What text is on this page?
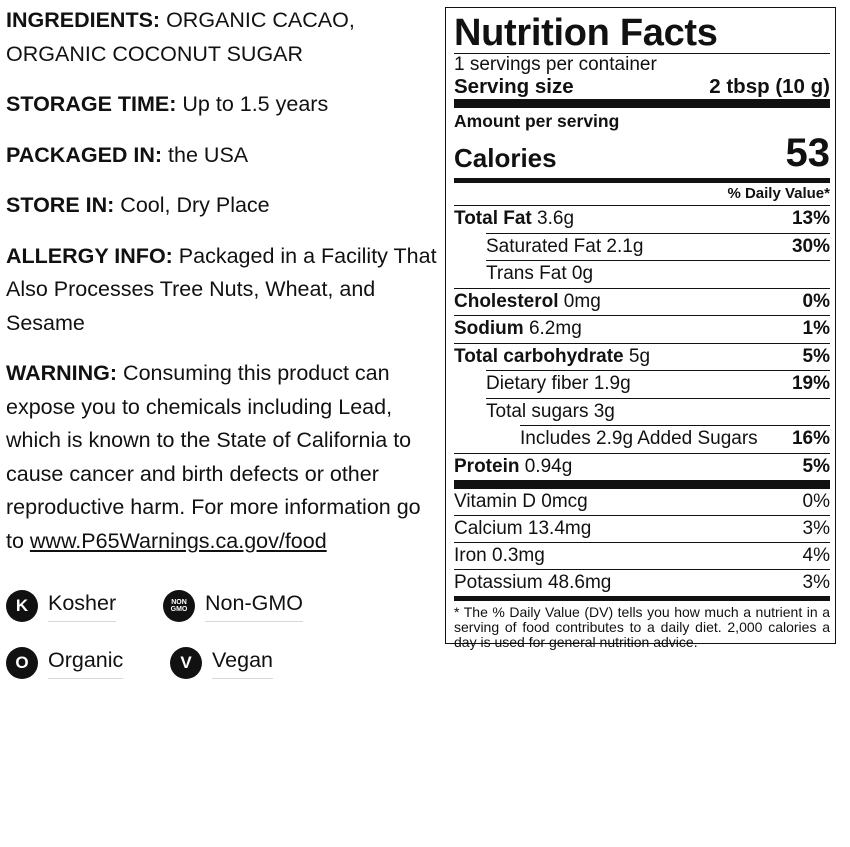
INGREDIENTS: ORGANIC CACAO, ORGANIC COCONUT SUGAR

STORAGE TIME: Up to 1.5 years

PACKAGED IN: the USA

STORE IN: Cool, Dry Place

ALLERGY INFO: Packaged in a Facility That Also Processes Tree Nuts, Wheat, and Sesame

WARNING: Consuming this product can expose you to chemicals including Lead, which is known to the State of California to cause cancer and birth defects or other reproductive harm. For more information go to www.P65Warnings.ca.gov/food

K Kosher	NON
GMO Non-GMO
O Organic	V Vegan
Nutrition Facts
1 servings per container
Serving size	2 tbsp (10 g)
Amount per serving
Calories	53
% Daily Value*
Total Fat 3.6g	13%
Saturated Fat 2.1g	30%
Trans Fat 0g
Cholesterol 0mg	0%
Sodium 6.2mg	1%
Total carbohydrate 5g	5%
Dietary fiber 1.9g	19%
Total sugars 3g
Includes 2.9g Added Sugars 16%
Protein 0.94g	5%
Vitamin D 0mcg	0%
Calcium 13.4mg	3%
Iron 0.3mg	4%
Potassium 48.6mg	3%
* The % Daily Value (DV) tells you how much a nutrient in a serving of food contributes to a daily diet. 2,000 calories a day is used for general nutrition advice.
